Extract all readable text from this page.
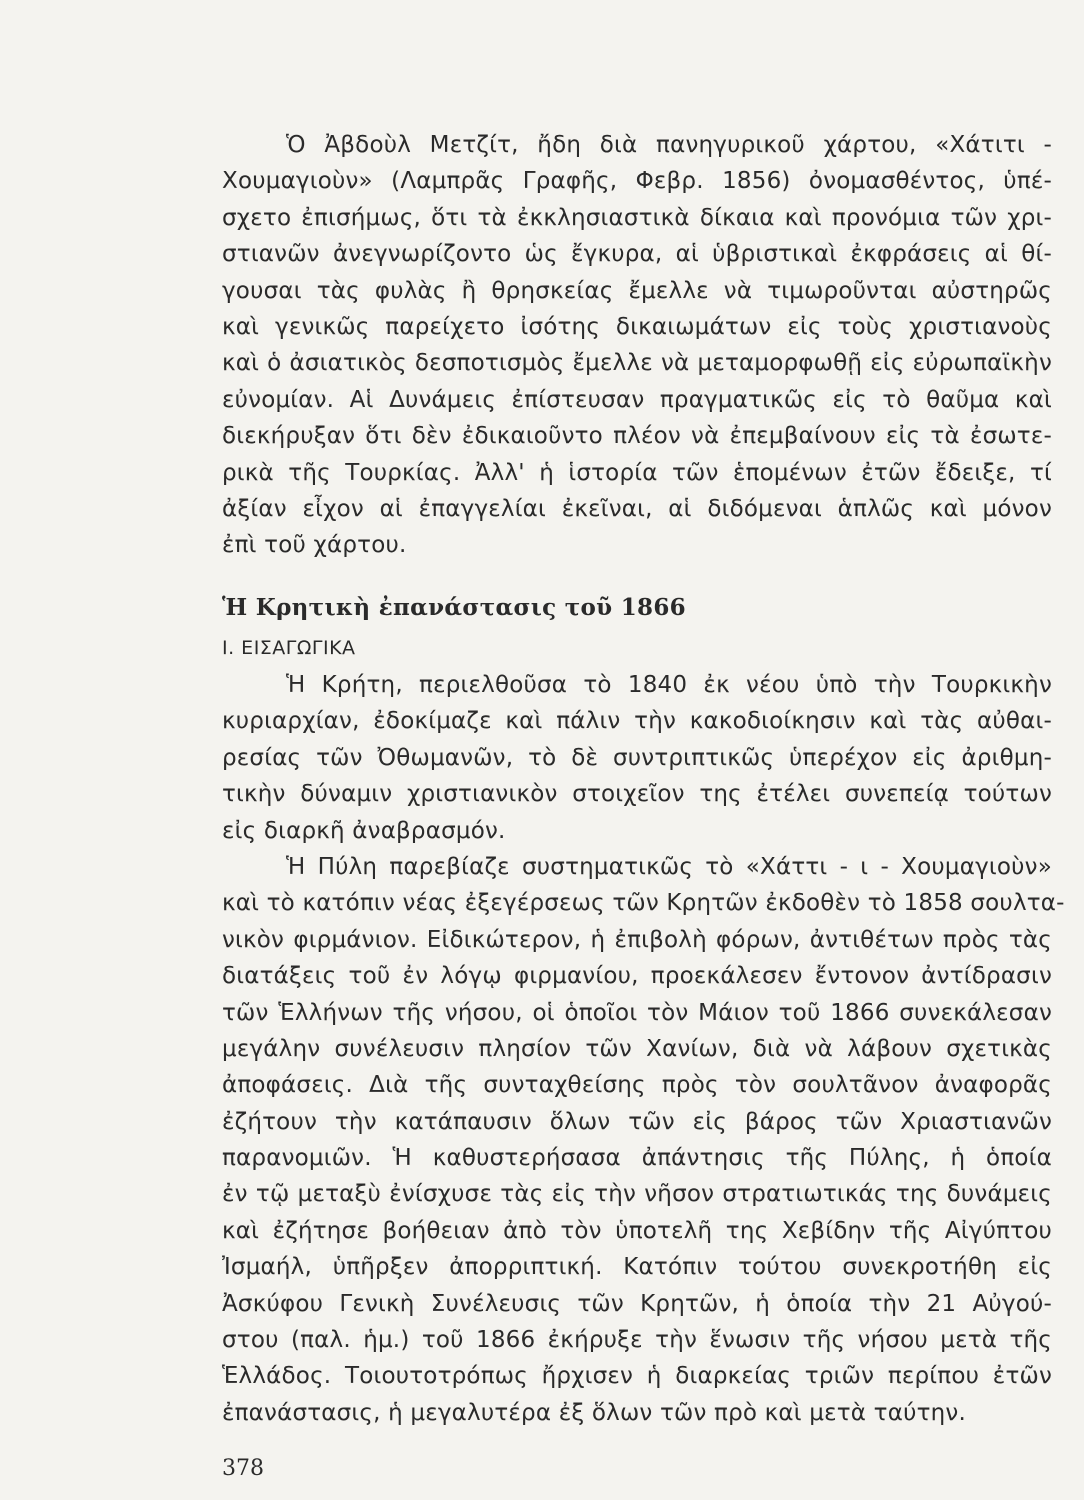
Ὁ Ἀβδοὺλ Μετζίτ, ἤδη διὰ πανηγυρικοῦ χάρτου, «Χάτιτι -
Χουμαγιοὺν» (Λαμπρᾶς Γραφῆς, Φεβρ. 1856) ὀνομασθέντος, ὑπέ-
σχετο ἐπισήμως, ὅτι τὰ ἐκκλησιαστικὰ δίκαια καὶ προνόμια τῶν χρι-
στιανῶν ἀνεγνωρίζοντο ὡς ἔγκυρα, αἱ ὑβριστικαὶ ἐκφράσεις αἱ θί-
γουσαι τὰς φυλὰς ἢ θρησκείας ἔμελλε νὰ τιμωροῦνται αὐστηρῶς
καὶ γενικῶς παρείχετο ἰσότης δικαιωμάτων εἰς τοὺς χριστιανοὺς
καὶ ὁ ἀσιατικὸς δεσποτισμὸς ἔμελλε νὰ μεταμορφωθῇ εἰς εὐρωπαϊκὴν
εὐνομίαν. Αἱ Δυνάμεις ἐπίστευσαν πραγματικῶς εἰς τὸ θαῦμα καὶ
διεκήρυξαν ὅτι δὲν ἐδικαιοῦντο πλέον νὰ ἐπεμβαίνουν εἰς τὰ ἐσωτε-
ρικὰ τῆς Τουρκίας. Ἀλλ' ἡ ἱστορία τῶν ἑπομένων ἐτῶν ἔδειξε, τί
ἀξίαν εἶχον αἱ ἐπαγγελίαι ἐκεῖναι, αἱ διδόμεναι ἁπλῶς καὶ μόνον
ἐπὶ τοῦ χάρτου.
Ἡ Κρητικὴ ἐπανάστασις τοῦ 1866
Ι. ΕΙΣΑΓΩΓΙΚΑ
Ἡ Κρήτη, περιελθοῦσα τὸ 1840 ἐκ νέου ὑπὸ τὴν Τουρκικὴν
κυριαρχίαν, ἐδοκίμαζε καὶ πάλιν τὴν κακοδιοίκησιν καὶ τὰς αὐθαι-
ρεσίας τῶν Ὀθωμανῶν, τὸ δὲ συντριπτικῶς ὑπερέχον εἰς ἀριθμη-
τικὴν δύναμιν χριστιανικὸν στοιχεῖον της ἐτέλει συνεπείᾳ τούτων
εἰς διαρκῆ ἀναβρασμόν.
Ἡ Πύλη παρεβίαζε συστηματικῶς τὸ «Χάττι - ι - Χουμαγιοὺν»
καὶ τὸ κατόπιν νέας ἐξεγέρσεως τῶν Κρητῶν ἐκδοθὲν τὸ 1858 σουλτα-
νικὸν φιρμάνιον. Εἰδικώτερον, ἡ ἐπιβολὴ φόρων, ἀντιθέτων πρὸς τὰς
διατάξεις τοῦ ἐν λόγῳ φιρμανίου, προεκάλεσεν ἔντονον ἀντίδρασιν
τῶν Ἑλλήνων τῆς νήσου, οἱ ὁποῖοι τὸν Μάιον τοῦ 1866 συνεκάλεσαν
μεγάλην συνέλευσιν πλησίον τῶν Χανίων, διὰ νὰ λάβουν σχετικὰς
ἀποφάσεις. Διὰ τῆς συνταχθείσης πρὸς τὸν σουλτᾶνον ἀναφορᾶς
ἐζήτουν τὴν κατάπαυσιν ὅλων τῶν εἰς βάρος τῶν Χριαστιανῶν
παρανομιῶν. Ἡ καθυστερήσασα ἀπάντησις τῆς Πύλης, ἡ ὁποία
ἐν τῷ μεταξὺ ἐνίσχυσε τὰς εἰς τὴν νῆσον στρατιωτικάς της δυνάμεις
καὶ ἐζήτησε βοήθειαν ἀπὸ τὸν ὑποτελῆ της Χεβίδην τῆς Αἰγύπτου
Ἰσμαήλ, ὑπῆρξεν ἀπορριπτική. Κατόπιν τούτου συνεκροτήθη εἰς
Ἀσκύφου Γενικὴ Συνέλευσις τῶν Κρητῶν, ἡ ὁποία τὴν 21 Αὐγού-
στου (παλ. ἡμ.) τοῦ 1866 ἐκήρυξε τὴν ἕνωσιν τῆς νήσου μετὰ τῆς
Ἑλλάδος. Τοιουτοτρόπως ἤρχισεν ἡ διαρκείας τριῶν περίπου ἐτῶν
ἐπανάστασις, ἡ μεγαλυτέρα ἐξ ὅλων τῶν πρὸ καὶ μετὰ ταύτην.
378
